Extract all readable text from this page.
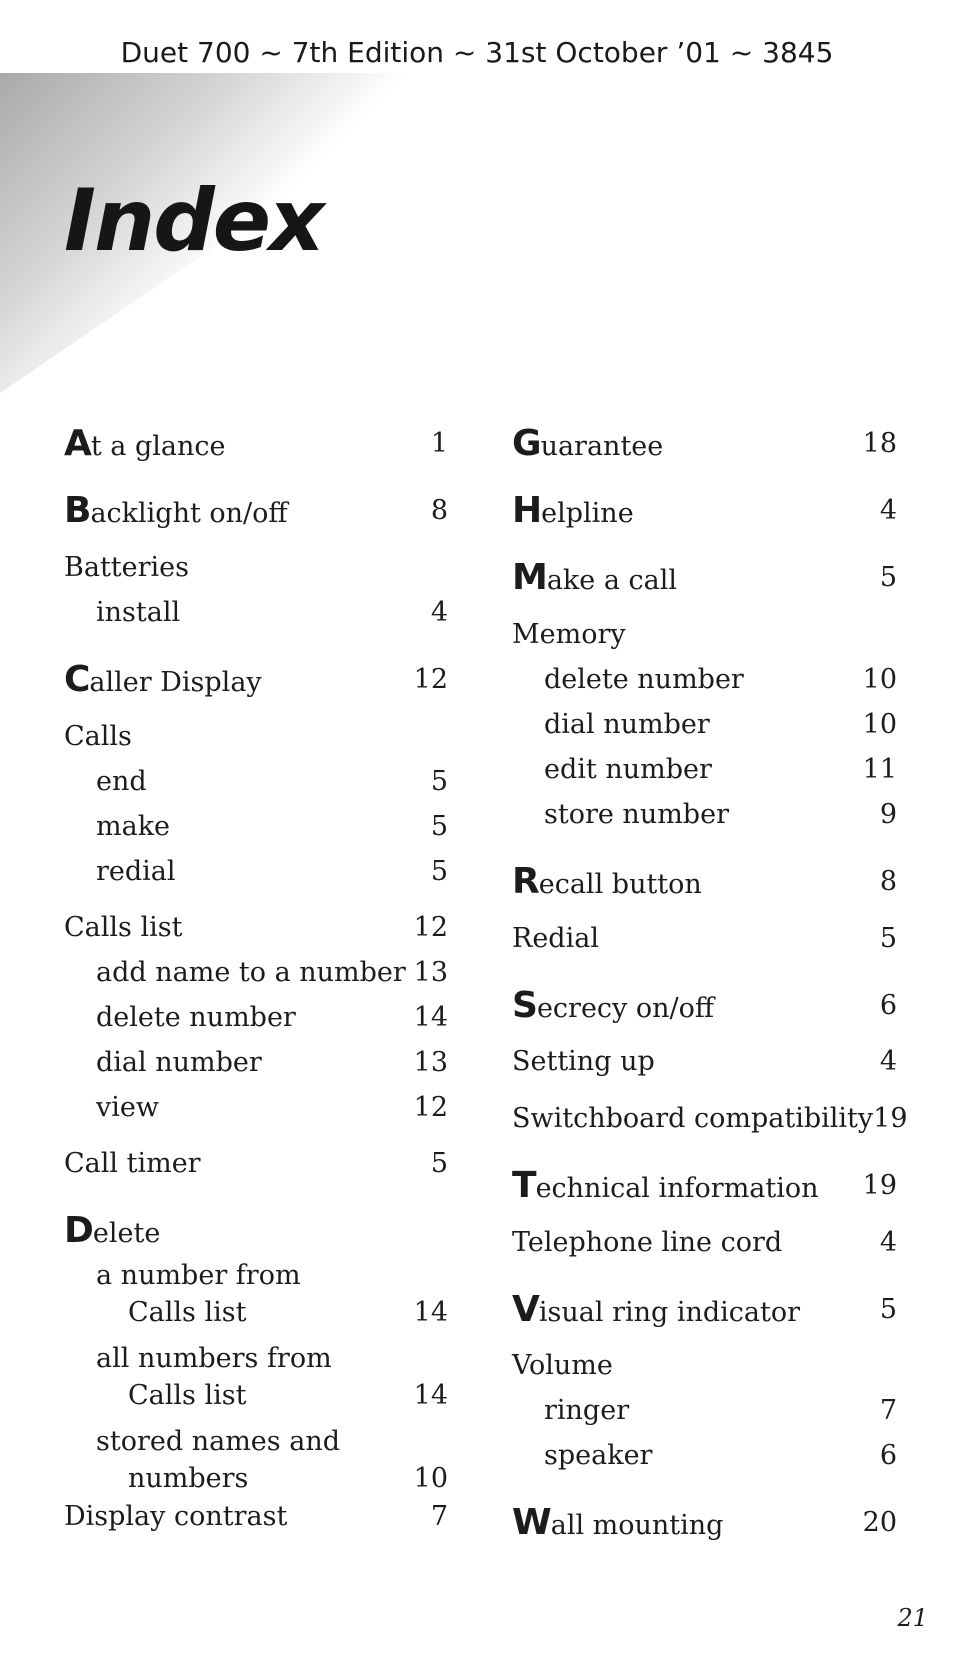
Duet 700 ~ 7th Edition ~ 31st October ’01 ~ 3845
Index
At a glance	1
Backlight on/off	8
Batteries
install	4
Caller Display	12
Calls
end	5
make	5
redial	5
Calls list	12
add name to a number 13
delete number	14
dial number	13
view	12
Call timer	5
Delete
a number from
Calls list	14
all numbers from
Calls list	14
stored names and
numbers	10
Display contrast	7
Guarantee	18
Helpline	4
Make a call	5
Memory
delete number	10
dial number	10
edit number	11
store number	9
Recall button	8
Redial	5
Secrecy on/off	6
Setting up	4
Switchboard compatibility 19
Technical information 19
Telephone line cord	4
Visual ring indicator	5
Volume
ringer	7
speaker	6
Wall mounting	20
21
